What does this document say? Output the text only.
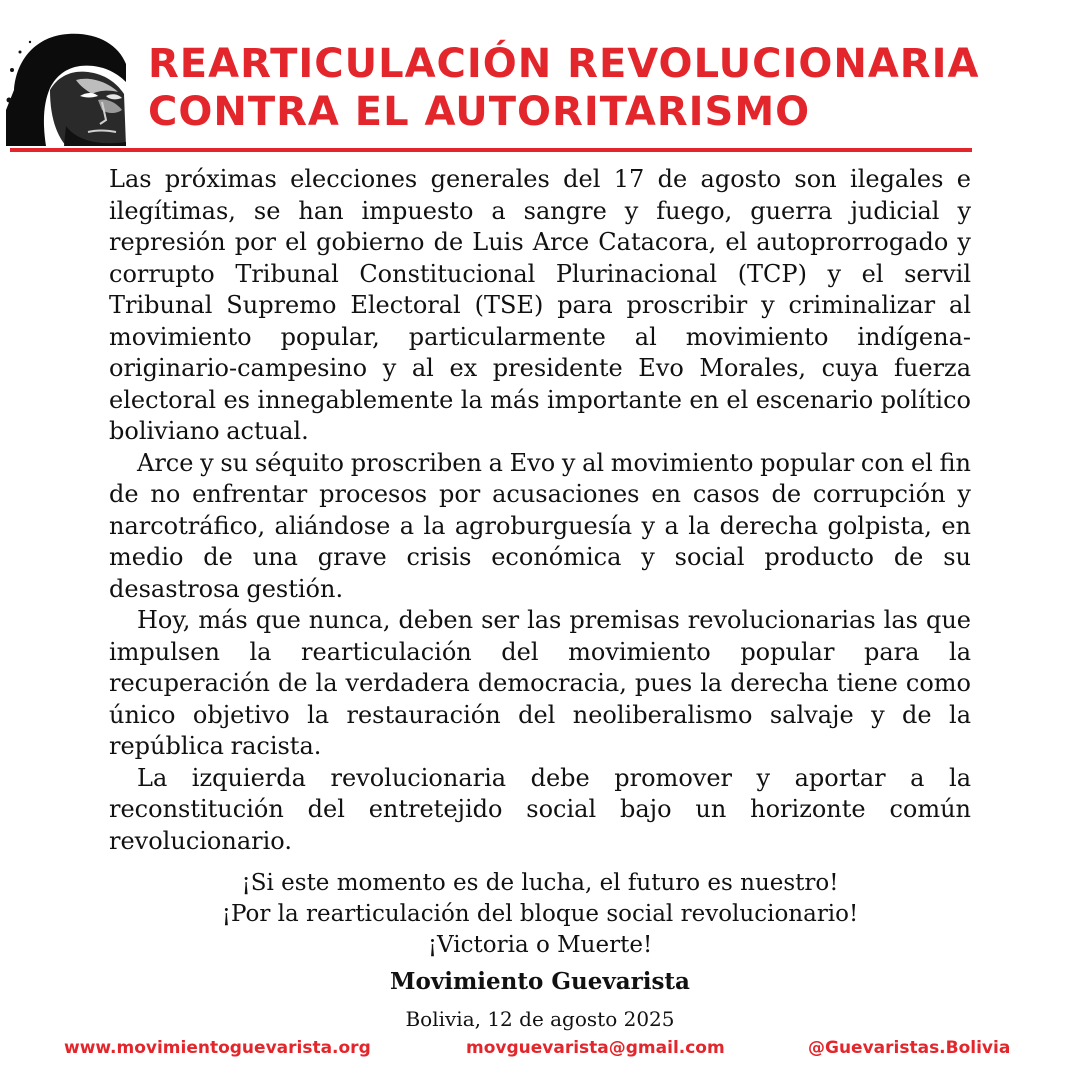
REARTICULACIÓN REVOLUCIONARIA
CONTRA EL AUTORITARISMO

Las próximas elecciones generales del 17 de agosto son ilegales e ilegítimas, se han impuesto a sangre y fuego, guerra judicial y represión por el gobierno de Luis Arce Catacora, el autoprorrogado y corrupto Tribunal Constitucional Plurinacional (TCP) y el servil Tribunal Supremo Electoral (TSE) para proscribir y criminalizar al movimiento popular, particularmente al movimiento indígena-originario-campesino y al ex presidente Evo Morales, cuya fuerza electoral es innegablemente la más importante en el escenario político boliviano actual.

Arce y su séquito proscriben a Evo y al movimiento popular con el fin de no enfrentar procesos por acusaciones en casos de corrupción y narcotráfico, aliándose a la agroburguesía y a la derecha golpista, en medio de una grave crisis económica y social producto de su desastrosa gestión.

Hoy, más que nunca, deben ser las premisas revolucionarias las que impulsen la rearticulación del movimiento popular para la recuperación de la verdadera democracia, pues la derecha tiene como único objetivo la restauración del neoliberalismo salvaje y de la república racista.

La izquierda revolucionaria debe promover y aportar a la reconstitución del entretejido social bajo un horizonte común revolucionario.

¡Si este momento es de lucha, el futuro es nuestro!
¡Por la rearticulación del bloque social revolucionario!
¡Victoria o Muerte!
Movimiento Guevarista
Bolivia, 12 de agosto 2025
www.movimientoguevarista.org	movguevarista@gmail.com	@Guevaristas.Bolivia
